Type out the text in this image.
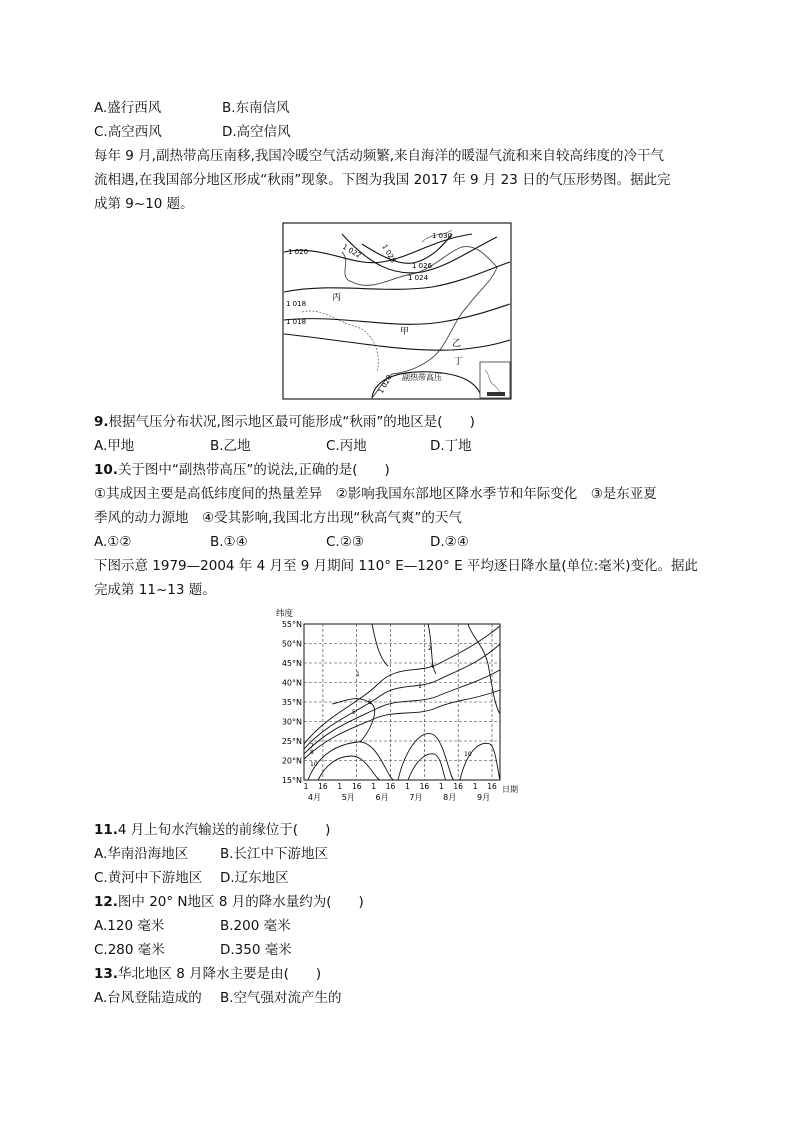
A.盛行西风	B.东南信风
C.高空西风	D.高空信风
每年 9 月,副热带高压南移,我国冷暖空气活动频繁,来自海洋的暖湿气流和来自较高纬度的冷干气
流相遇,在我国部分地区形成“秋雨”现象。下图为我国 2017 年 9 月 23 日的气压形势图。据此完
成第 9~10 题。
1 030
1 022	1 028
1 026
1 024
1 020
1 018
1 018
1 020
丙
甲
乙
丁
副热带高压
9.根据气压分布状况,图示地区最可能形成“秋雨”的地区是(　　)
A.甲地	B.乙地	C.丙地	D.丁地
10.关于图中“副热带高压”的说法,正确的是(　　)
①其成因主要是高低纬度间的热量差异　②影响我国东部地区降水季节和年际变化　③是东亚夏
季风的动力源地　④受其影响,我国北方出现“秋高气爽”的天气
A.①②	B.①④	C.②③	D.②④
下图示意 1979—2004 年 4 月至 9 月期间 110° E—120° E 平均逐日降水量(单位:毫米)变化。据此
完成第 11~13 题。
纬度
55°N
50°N
45°N
40°N
35°N
30°N
25°N
20°N
15°N
1 16 1 16 1 16 1 16 1 16 1 16
1
1
2
4
5
6
7
8
10
10
4月	5月	6月	7月	8月	9月
日期
11.4 月上旬水汽输送的前缘位于(　　)
A.华南沿海地区 B.长江中下游地区
C.黄河中下游地区 D.辽东地区
12.图中 20° N地区 8 月的降水量约为(　　)
A.120 毫米	B.200 毫米
C.280 毫米	D.350 毫米
13.华北地区 8 月降水主要是由(　　)
A.台风登陆造成的 B.空气强对流产生的
